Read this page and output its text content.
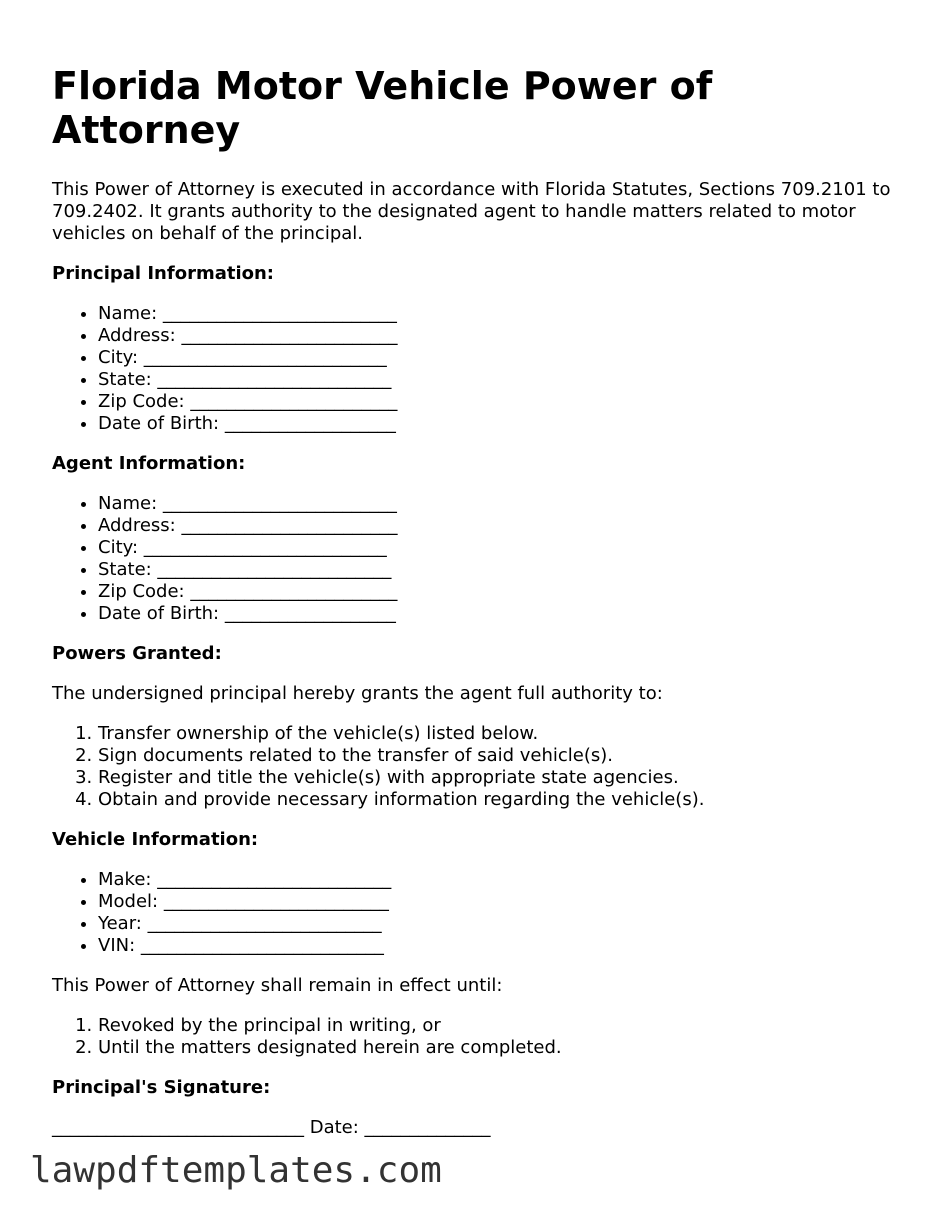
Florida Motor Vehicle Power of Attorney

This Power of Attorney is executed in accordance with Florida Statutes, Sections 709.2101 to 709.2402. It grants authority to the designated agent to handle matters related to motor vehicles on behalf of the principal.

Principal Information:
• Name: __________________________
• Address: ________________________
• City: ___________________________
• State: __________________________
• Zip Code: _______________________
• Date of Birth: ___________________
Agent Information:
• Name: __________________________
• Address: ________________________
• City: ___________________________
• State: __________________________
• Zip Code: _______________________
• Date of Birth: ___________________
Powers Granted:

The undersigned principal hereby grants the agent full authority to:

1. Transfer ownership of the vehicle(s) listed below.
2. Sign documents related to the transfer of said vehicle(s).
3. Register and title the vehicle(s) with appropriate state agencies.
4. Obtain and provide necessary information regarding the vehicle(s).
Vehicle Information:
• Make: __________________________
• Model: _________________________
• Year: __________________________
• VIN: ___________________________

This Power of Attorney shall remain in effect until:

1. Revoked by the principal in writing, or
2. Until the matters designated herein are completed.
Principal's Signature:
____________________________ Date: ______________
lawpdftemplates.com
